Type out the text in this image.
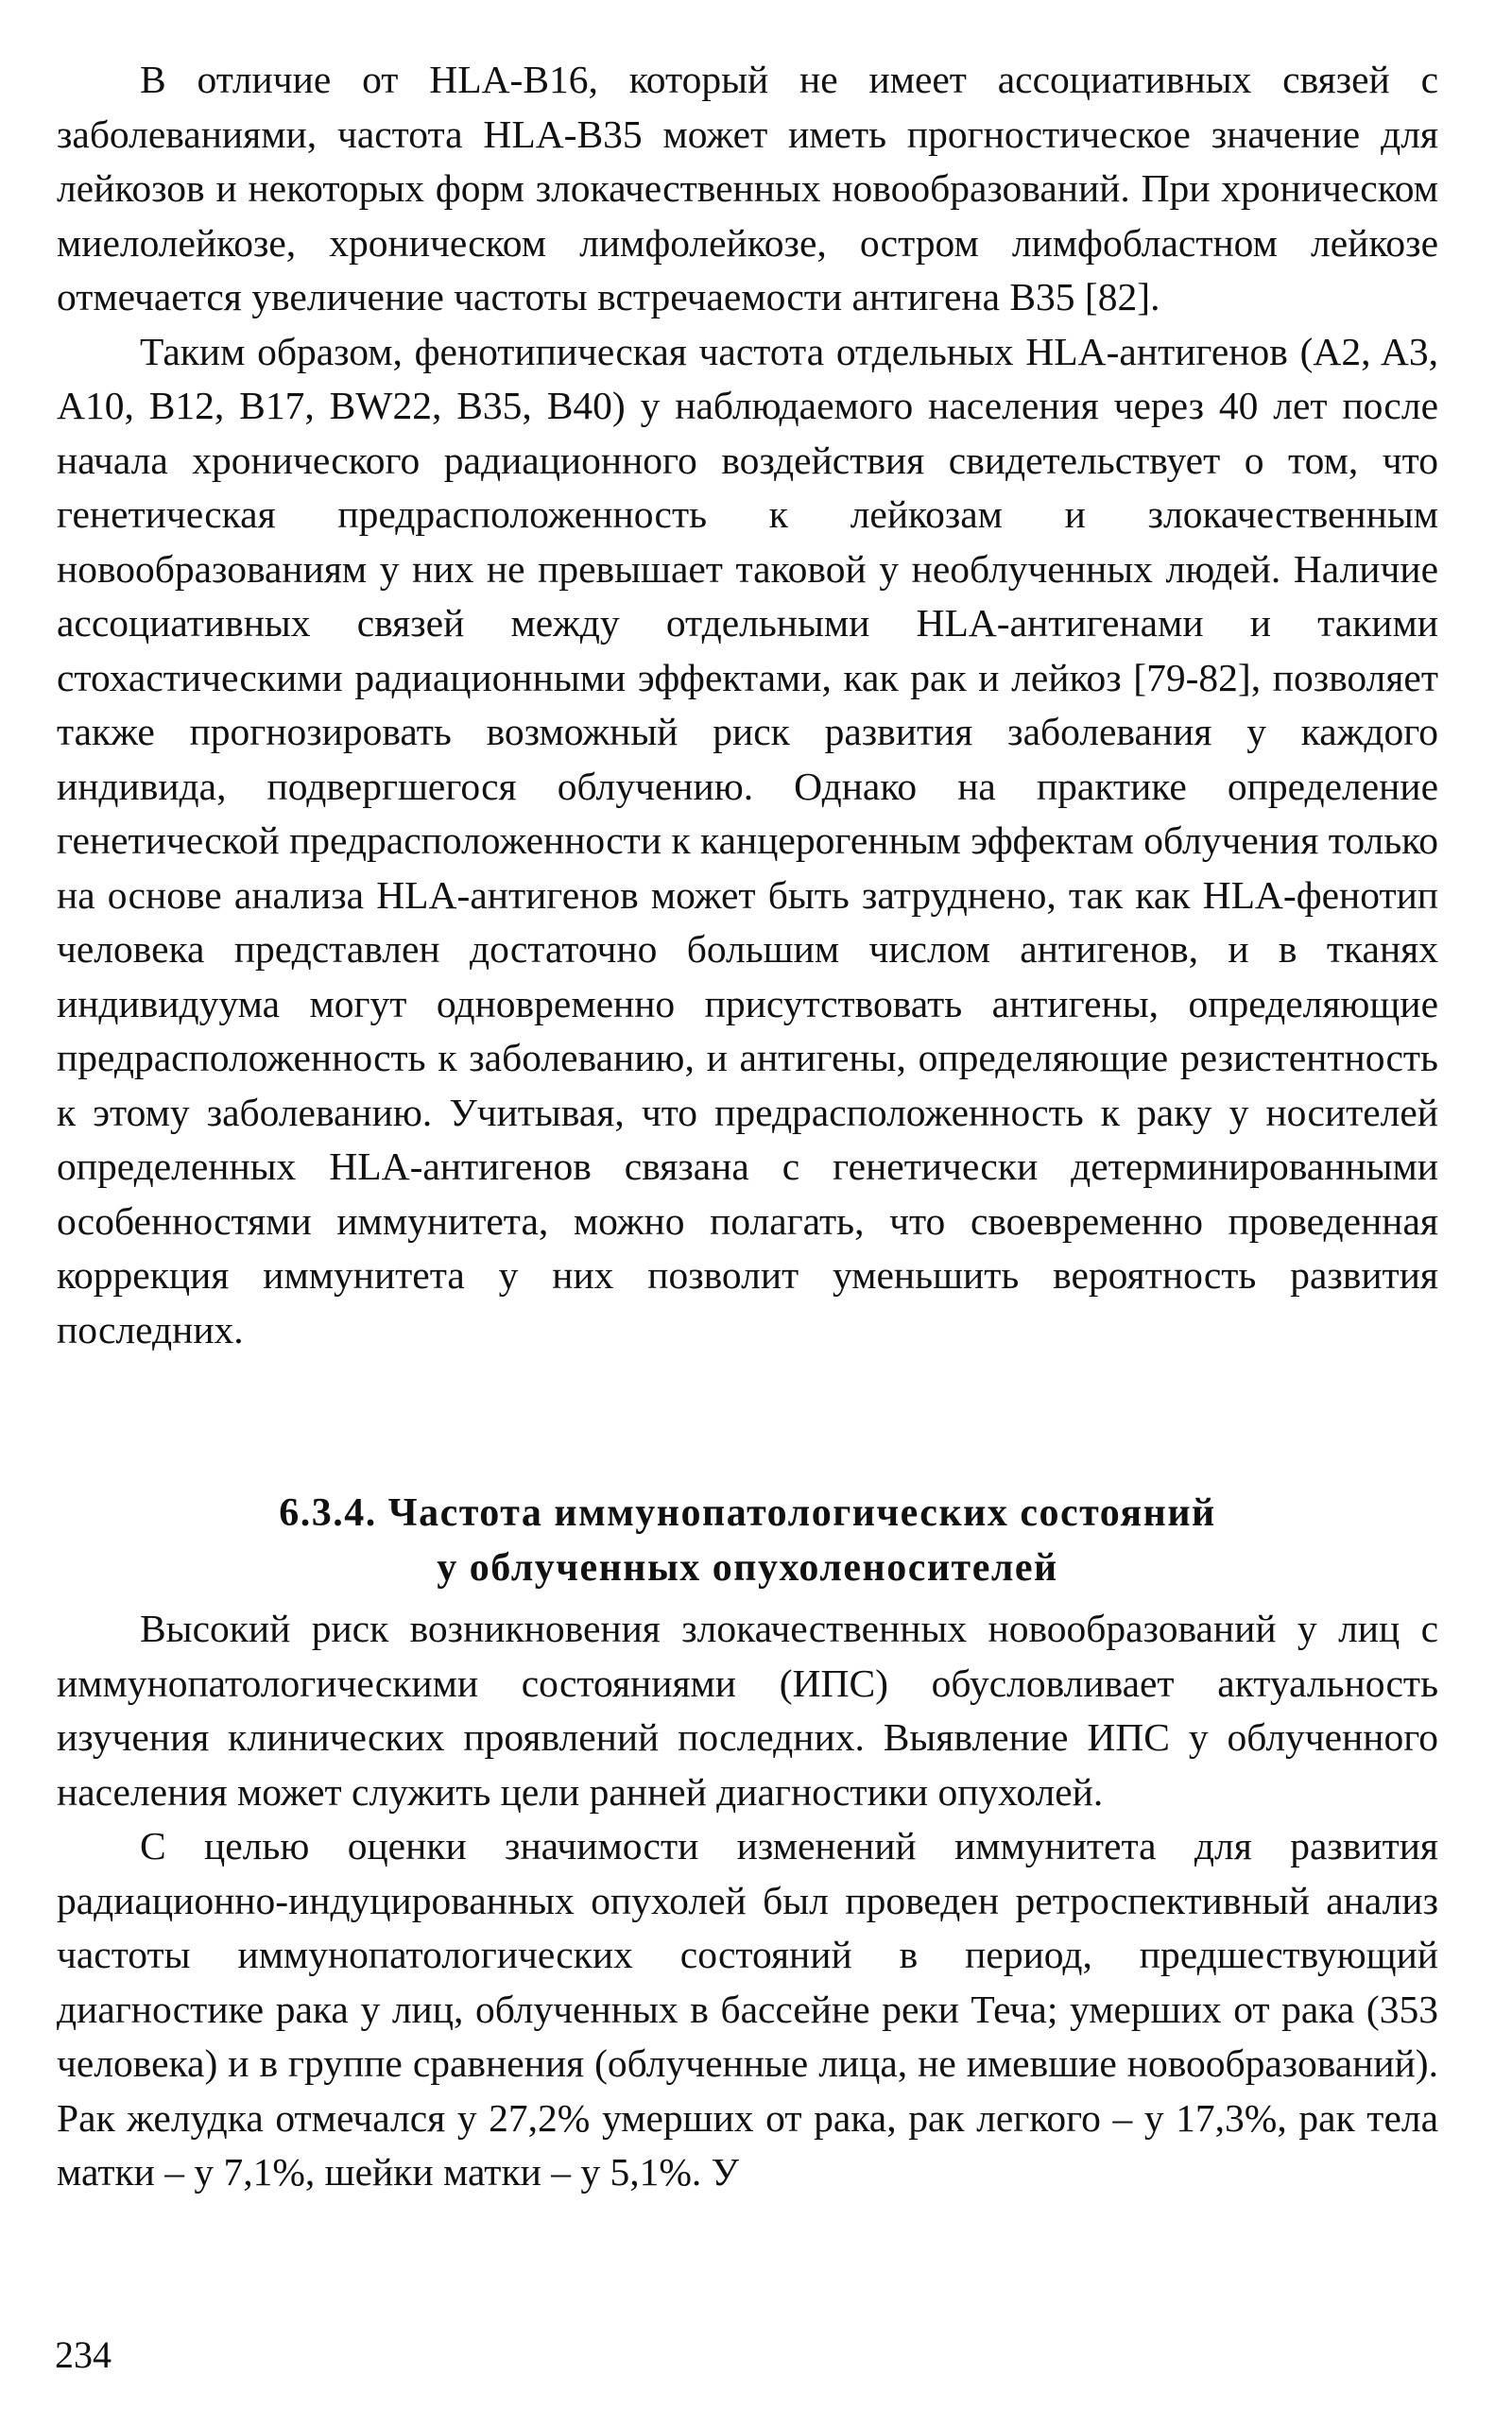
В отличие от HLA-B16, который не имеет ассоциативных связей с заболеваниями, частота HLA-B35 может иметь прогностическое значение для лейкозов и некоторых форм злокачественных новообразований. При хроническом миелолейкозе, хроническом лимфолейкозе, остром лимфобластном лейкозе отмечается увеличение частоты встречаемости антигена B35 [82].

Таким образом, фенотипическая частота отдельных HLA-антигенов (A2, A3, A10, B12, B17, BW22, B35, B40) у наблюдаемого населения через 40 лет после начала хронического радиационного воздействия свидетельствует о том, что генетическая предрасположенность к лейкозам и злокачественным новообразованиям у них не превышает таковой у необлученных людей. Наличие ассоциативных связей между отдельными HLA-антигенами и такими стохастическими радиационными эффектами, как рак и лейкоз [79-82], позволяет также прогнозировать возможный риск развития заболевания у каждого индивида, подвергшегося облучению. Однако на практике определение генетической предрасположенности к канцерогенным эффектам облучения только на основе анализа HLA-антигенов может быть затруднено, так как HLA-фенотип человека представлен достаточно большим числом антигенов, и в тканях индивидуума могут одновременно присутствовать антигены, определяющие предрасположенность к заболеванию, и антигены, определяющие резистентность к этому заболеванию. Учитывая, что предрасположенность к раку у носителей определенных HLA-антигенов связана с генетически детерминированными особенностями иммунитета, можно полагать, что своевременно проведенная коррекция иммунитета у них позволит уменьшить вероятность развития последних.

6.3.4. Частота иммунопатологических состояний
у облученных опухоленосителей

Высокий риск возникновения злокачественных новообразований у лиц с иммунопатологическими состояниями (ИПС) обусловливает актуальность изучения клинических проявлений последних. Выявление ИПС у облученного населения может служить цели ранней диагностики опухолей.

С целью оценки значимости изменений иммунитета для развития радиационно-индуцированных опухолей был проведен ретроспективный анализ частоты иммунопатологических состояний в период, предшествующий диагностике рака у лиц, облученных в бассейне реки Теча; умерших от рака (353 человека) и в группе сравнения (облученные лица, не имевшие новообразований). Рак желудка отмечался у 27,2% умерших от рака, рак легкого – у 17,3%, рак тела матки – у 7,1%, шейки матки – у 5,1%. У

234
